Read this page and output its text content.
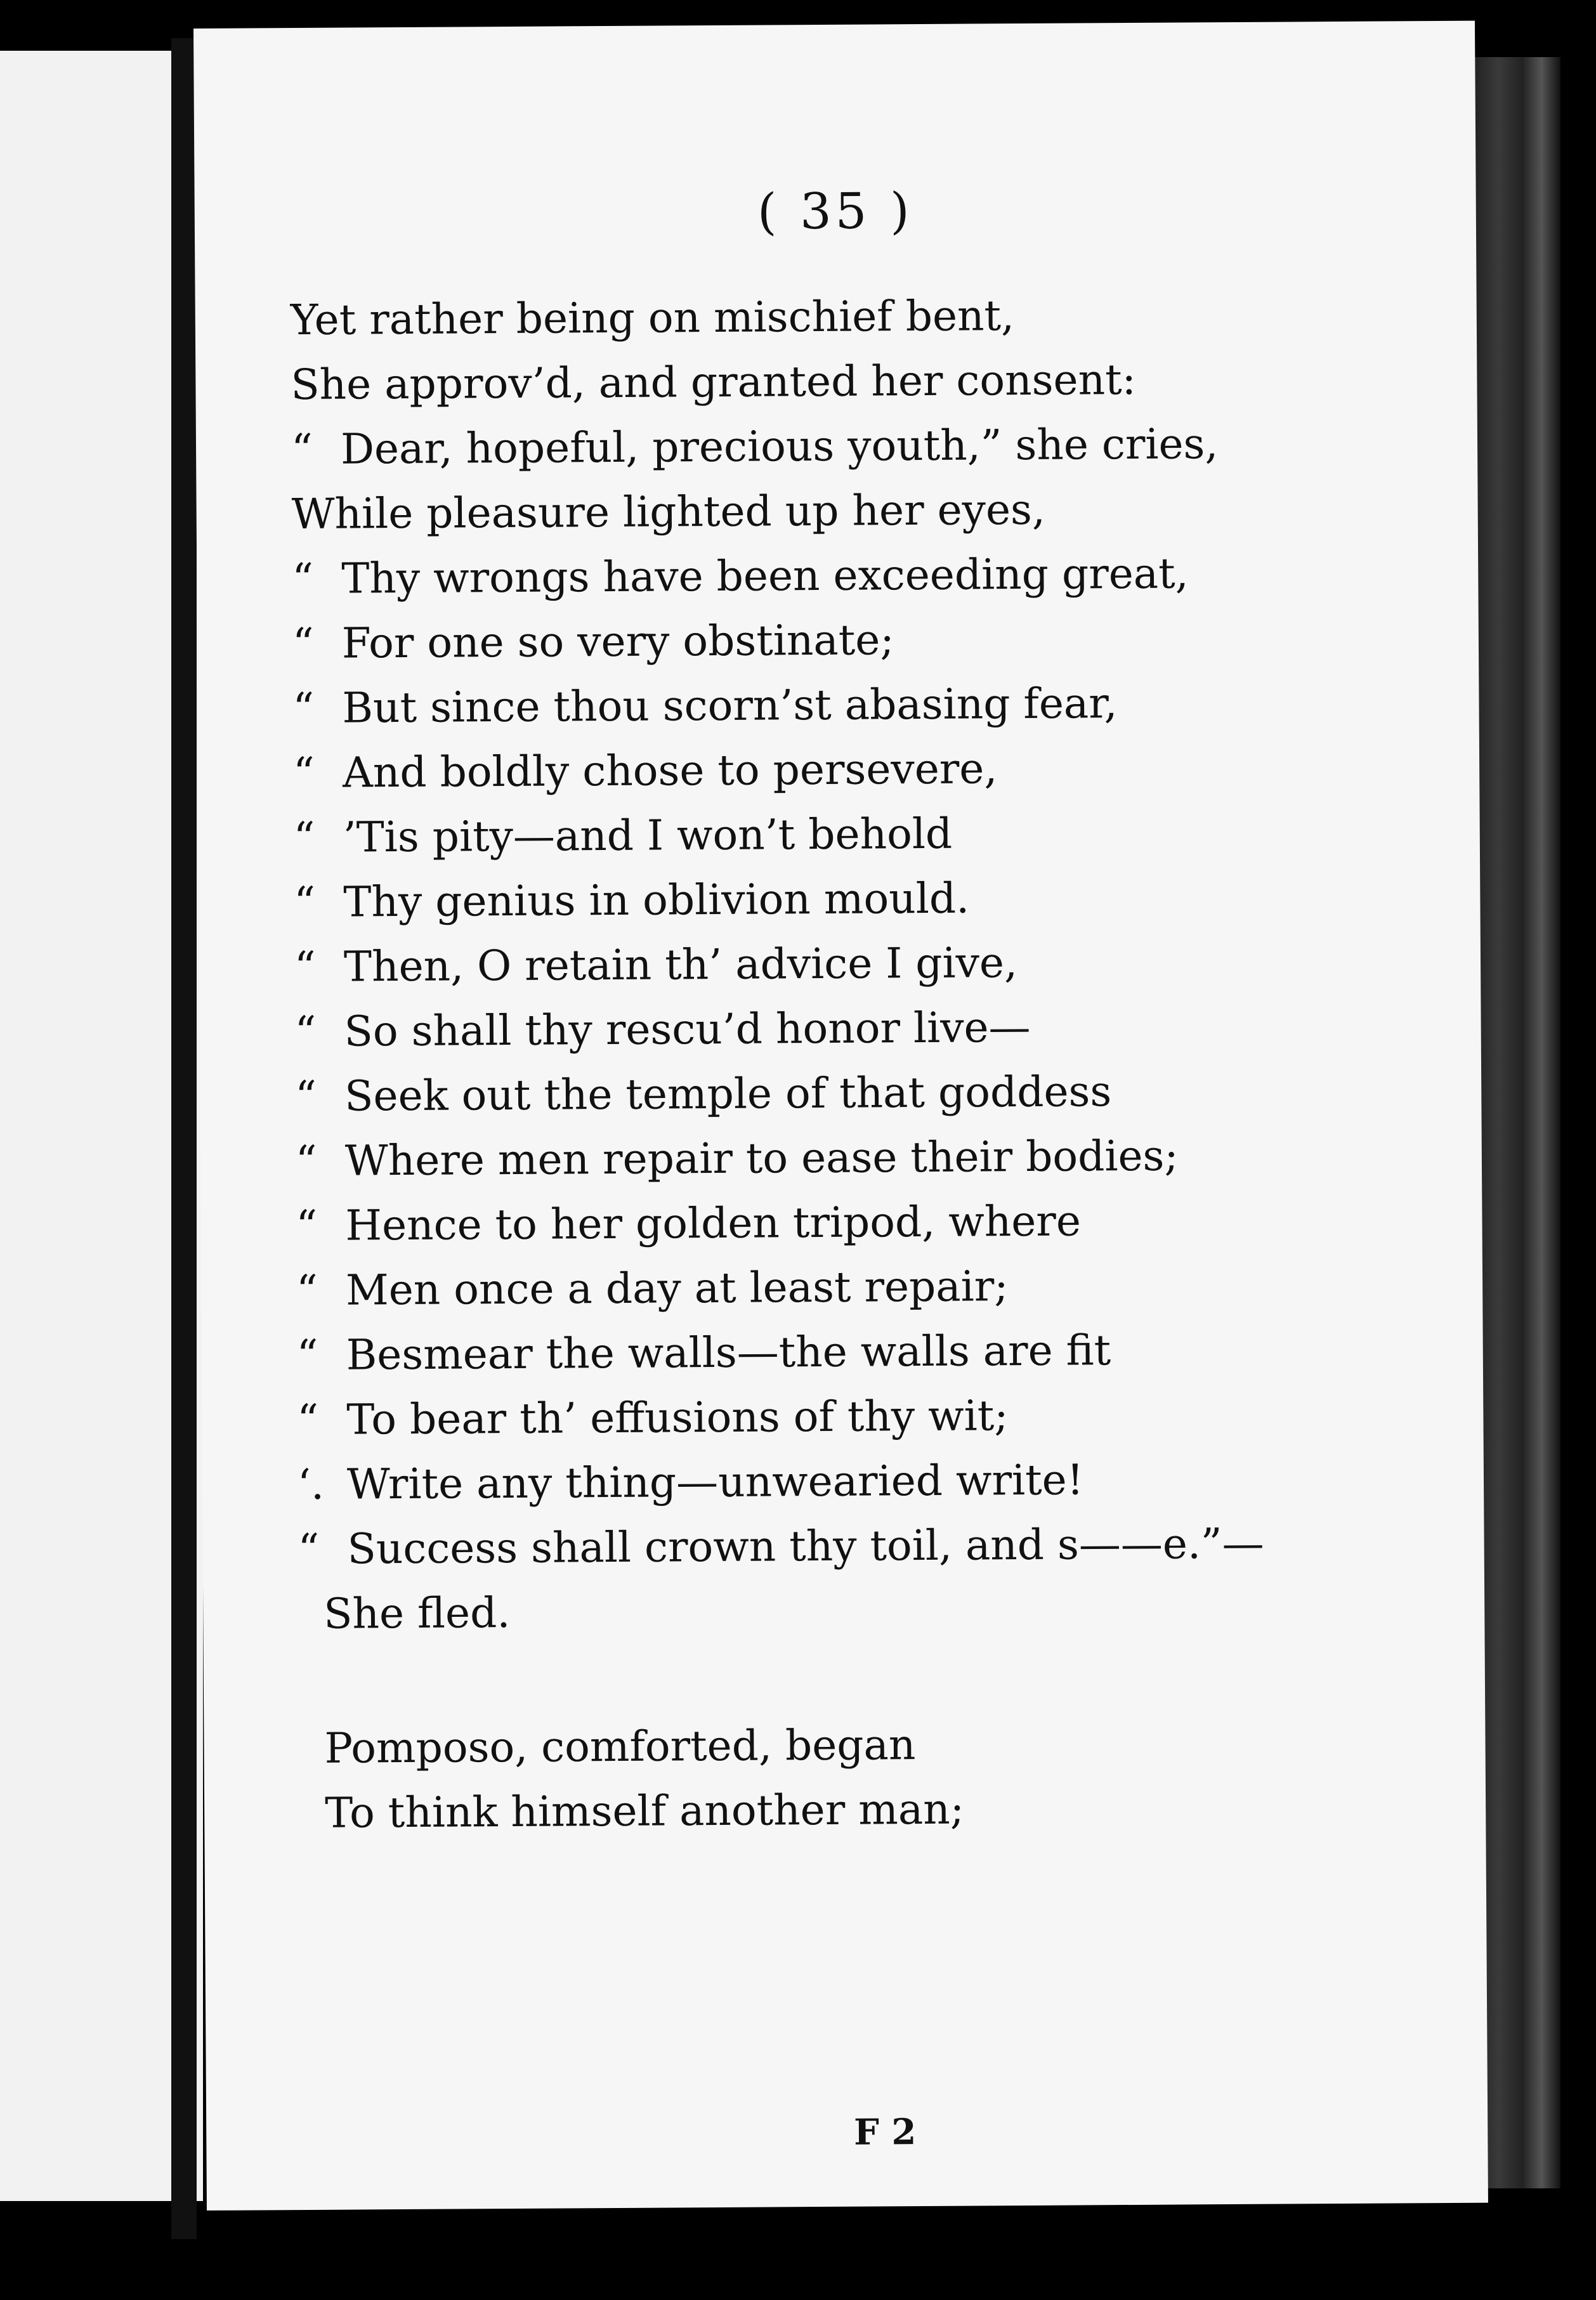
( 35 )
Yet rather being on mischief bent,
She approv’d, and granted her consent:
“ Dear, hopeful, precious youth,” she cries,
While pleasure lighted up her eyes,
“ Thy wrongs have been exceeding great,
“ For one so very obstinate;
“ But since thou scorn’st abasing fear,
“ And boldly chose to persevere,
“ ’Tis pity—and I won’t behold
“ Thy genius in oblivion mould.
“ Then, O retain th’ advice I give,
“ So shall thy rescu’d honor live—
“ Seek out the temple of that goddess
“ Where men repair to ease their bodies;
“ Hence to her golden tripod, where
“ Men once a day at least repair;
“ Besmear the walls—the walls are fit
“ To bear th’ effusions of thy wit;
‘. Write any thing—unwearied write!
“ Success shall crown thy toil, and s——e.”—
She fled.
Pomposo, comforted, began
To think himself another man;
F 2
